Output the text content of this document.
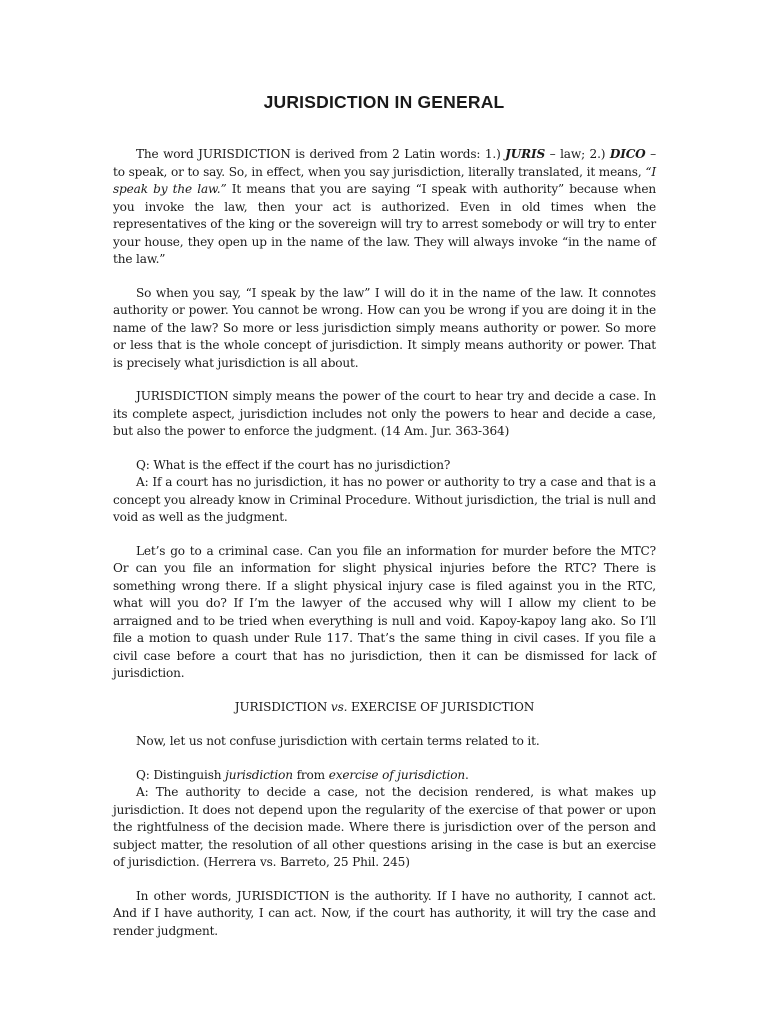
JURISDICTION IN GENERAL

The word JURISDICTION is derived from 2 Latin words: 1.) JURIS – law; 2.) DICO – to speak, or to say. So, in effect, when you say jurisdiction, literally translated, it means, “I speak by the law.” It means that you are saying “I speak with authority” because when you invoke the law, then your act is authorized. Even in old times when the representatives of the king or the sovereign will try to arrest somebody or will try to enter your house, they open up in the name of the law. They will always invoke “in the name of the law.”

So when you say, “I speak by the law” I will do it in the name of the law. It connotes authority or power. You cannot be wrong. How can you be wrong if you are doing it in the name of the law? So more or less jurisdiction simply means authority or power. So more or less that is the whole concept of jurisdiction. It simply means authority or power. That is precisely what jurisdiction is all about.

JURISDICTION simply means the power of the court to hear try and decide a case. In its complete aspect, jurisdiction includes not only the powers to hear and decide a case, but also the power to enforce the judgment. (14 Am. Jur. 363-364)

Q: What is the effect if the court has no jurisdiction?

A: If a court has no jurisdiction, it has no power or authority to try a case and that is a concept you already know in Criminal Procedure. Without jurisdiction, the trial is null and void as well as the judgment.

Let’s go to a criminal case. Can you file an information for murder before the MTC? Or can you file an information for slight physical injuries before the RTC? There is something wrong there. If a slight physical injury case is filed against you in the RTC, what will you do? If I’m the lawyer of the accused why will I allow my client to be arraigned and to be tried when everything is null and void. Kapoy-kapoy lang ako. So I’ll file a motion to quash under Rule 117. That’s the same thing in civil cases. If you file a civil case before a court that has no jurisdiction, then it can be dismissed for lack of jurisdiction.

JURISDICTION vs. EXERCISE OF JURISDICTION

Now, let us not confuse jurisdiction with certain terms related to it.

Q: Distinguish jurisdiction from exercise of jurisdiction.

A: The authority to decide a case, not the decision rendered, is what makes up jurisdiction. It does not depend upon the regularity of the exercise of that power or upon the rightfulness of the decision made. Where there is jurisdiction over of the person and subject matter, the resolution of all other questions arising in the case is but an exercise of jurisdiction. (Herrera vs. Barreto, 25 Phil. 245)

In other words, JURISDICTION is the authority. If I have no authority, I cannot act. And if I have authority, I can act. Now, if the court has authority, it will try the case and render judgment.
